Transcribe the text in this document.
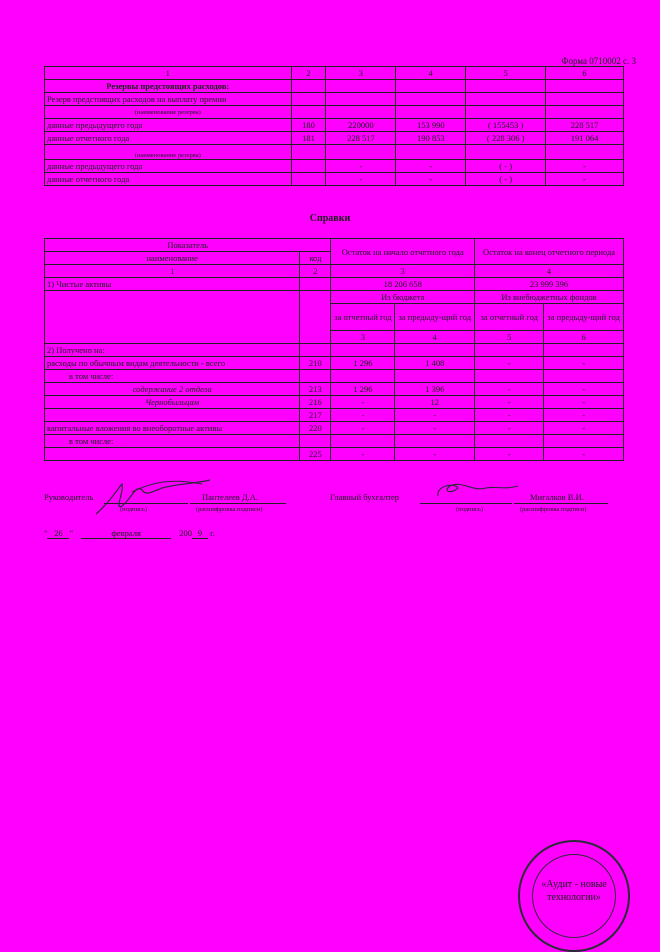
Форма 0710002 с. 3
1	2	3	4	5	6
Резервы предстоящих расходов:					
Резерв предстоящих расходов на выплату премии					
(наименование резерва)					
данные предыдущего года	180	220000	153 990	( 155453 )	228 517
данные отчетного года	181	228 517	190 853	( 228 306 )	191 064
(наименование резерва)					
данные предыдущего года		-	-	( - )	-
данные отчетного года		-	-	( - )	-
Справки
Показатель		Остаток на начало отчетного года		Остаток на конец отчетного периода	
наименование	код				
1	2	3		4	
1) Чистые активы		18 206 658		23 999 396	
		Из бюджета		Из внебюджетных фондов	
		за отчетный год	за предыду-щий год	за отчетный год	за предыду-щий год
		3	4	5	6
2) Получено на:					
расходы по обычным видам деятельности - всего	210	1 296	1 408	-	-
в том числе:					
содержание 2 отдела	213	1 296	1 396	-	-
Чернобыльцам	216	-	12	-	-
	217	-	-	-	-
капитальные вложения во внеоборотные активы	220	-	-	-	-
в том числе:					
	225	-	-	-	-
Руководитель
(подпись)
Пантелеев Д.А.
(расшифровка подписи)
Главный бухгалтер
(подпись)
Мигалков В.И.
(расшифровка подписи)
" 26 "	февраля	200 9 г.
«Аудит - новые технологии»
